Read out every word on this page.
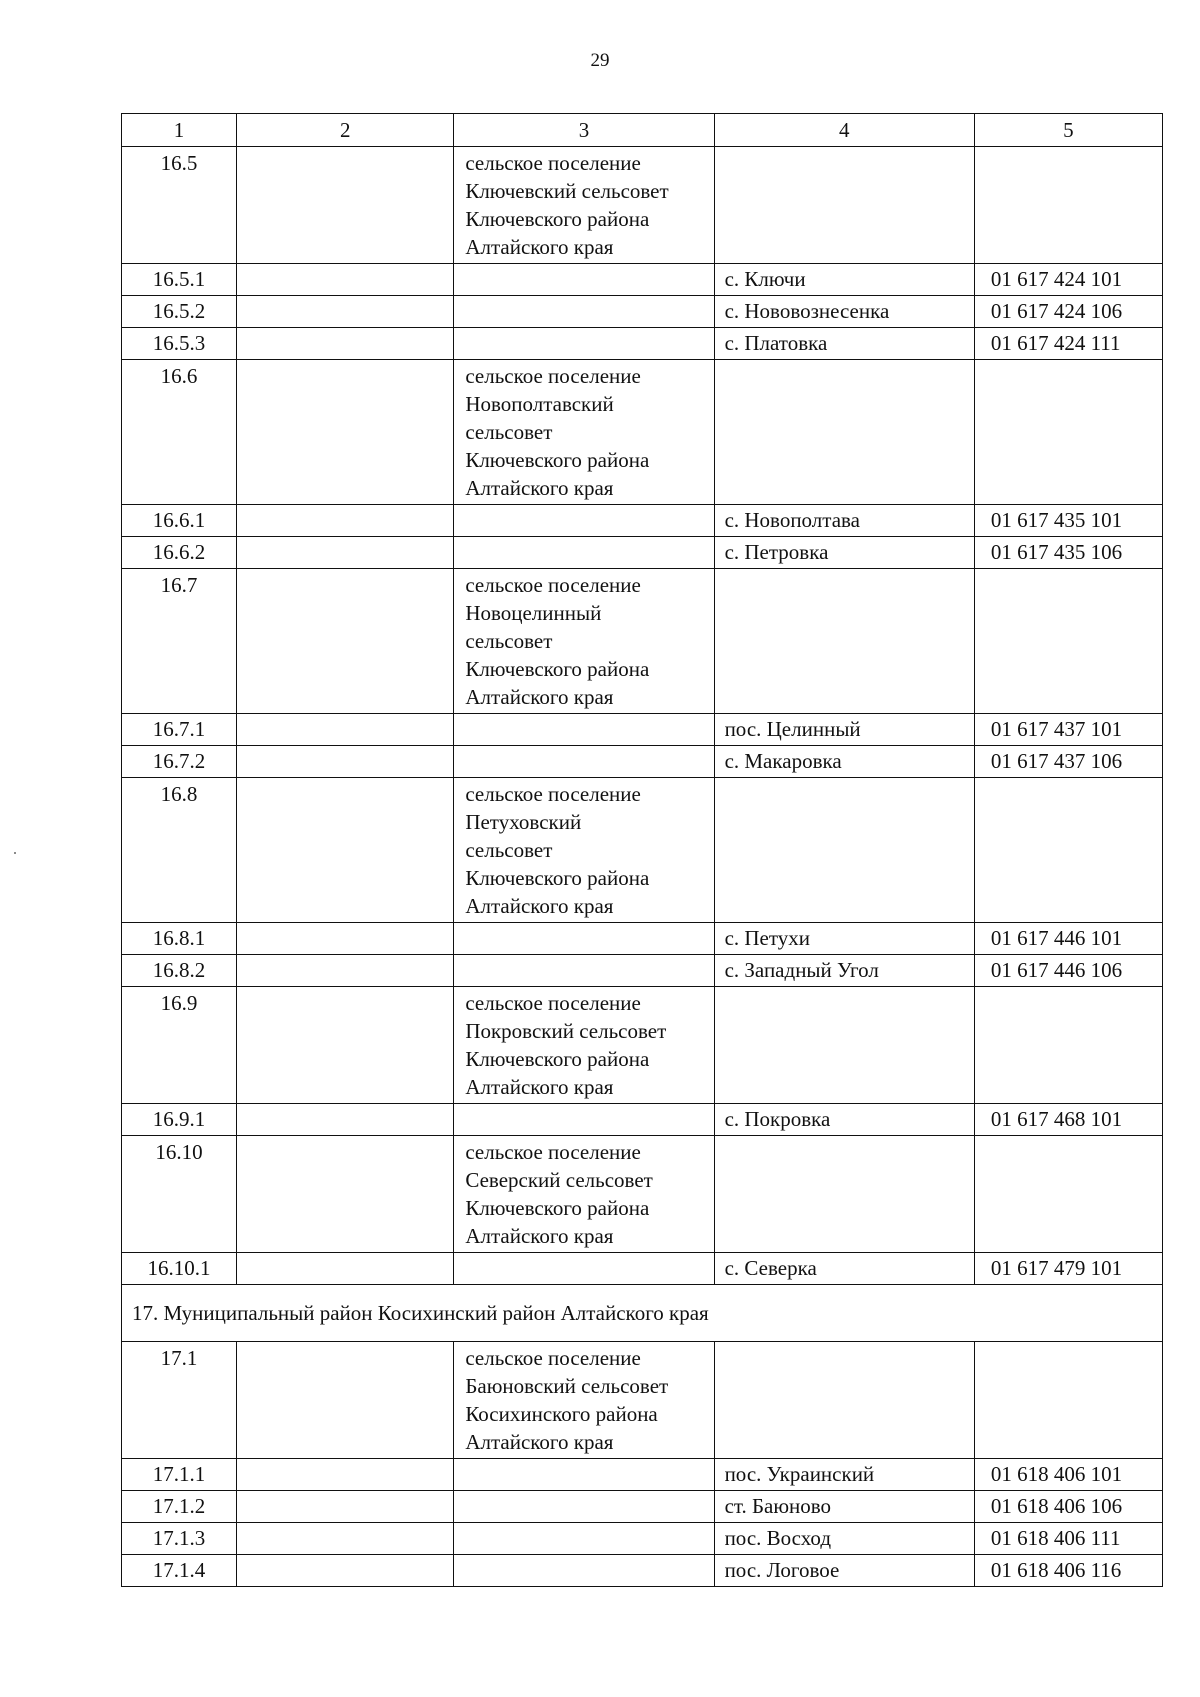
29
1	2	3	4	5
16.5		сельское поселение
Ключевский сельсовет
Ключевского района
Алтайского края		

16.5.1			с. Ключи	01 617 424 101
16.5.2			с. Нововознесенка	01 617 424 106
16.5.3			с. Платовка	01 617 424 111
16.6		сельское поселение
Новополтавский
сельсовет
Ключевского района
Алтайского края		

16.6.1			с. Новополтава	01 617 435 101
16.6.2			с. Петровка	01 617 435 106
16.7		сельское поселение
Новоцелинный
сельсовет
Ключевского района
Алтайского края		

16.7.1			пос. Целинный	01 617 437 101
16.7.2			с. Макаровка	01 617 437 106
16.8		сельское поселение
Петуховский
сельсовет
Ключевского района
Алтайского края		

16.8.1			с. Петухи	01 617 446 101
16.8.2			с. Западный Угол	01 617 446 106
16.9		сельское поселение
Покровский сельсовет
Ключевского района
Алтайского края		

16.9.1			с. Покровка	01 617 468 101
16.10		сельское поселение
Северский сельсовет
Ключевского района
Алтайского края		

16.10.1			с. Северка	01 617 479 101
17. Муниципальный район Косихинский район Алтайского края				
17.1		сельское поселение
Баюновский сельсовет
Косихинского района
Алтайского края		

17.1.1			пос. Украинский	01 618 406 101
17.1.2			ст. Баюново	01 618 406 106
17.1.3			пос. Восход	01 618 406 111
17.1.4			пос. Логовое	01 618 406 116
